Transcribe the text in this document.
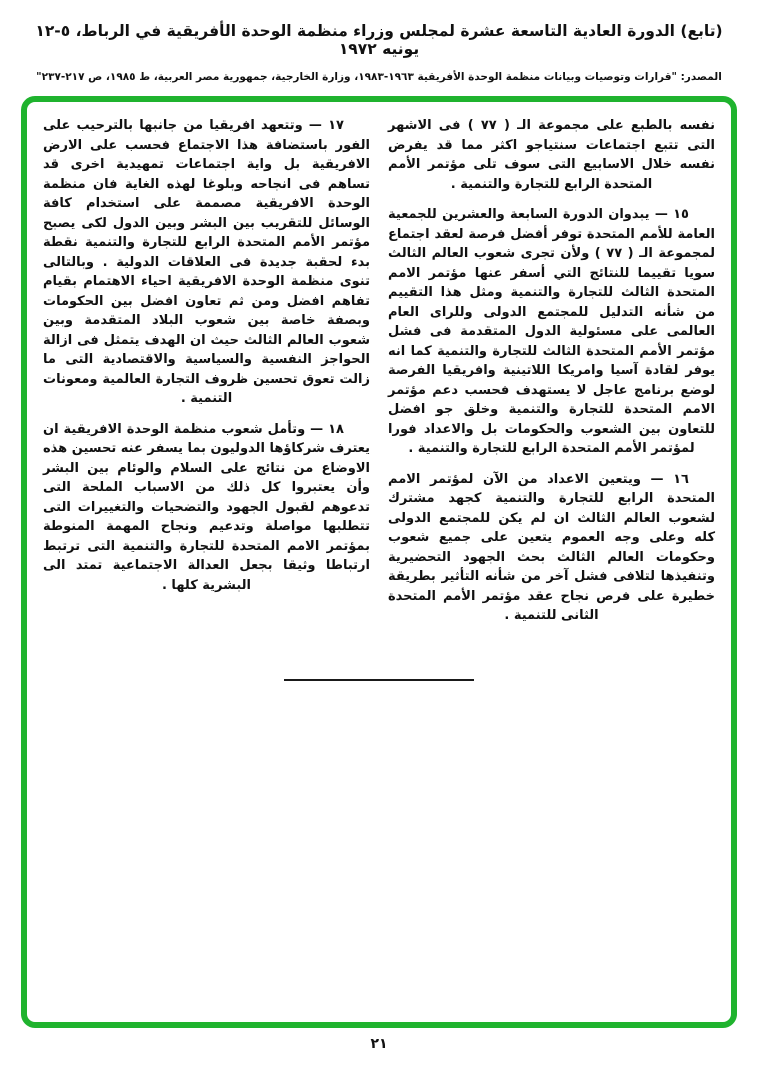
(تابع) الدورة العادية التاسعة عشرة لمجلس وزراء منظمة الوحدة الأفريقية في الرباط، ٥-١٢ يونيه ١٩٧٢
المصدر: "قرارات وتوصيات وبيانات منظمة الوحدة الأفريقية ١٩٦٣-١٩٨٣، وزارة الخارجية، جمهورية مصر العربية، ط ١٩٨٥، ص ٢١٧-٢٣٧"

نفسه بالطبع على مجموعة الـ ( ٧٧ ) فى الاشهر التى تتبع اجتماعات سنتياجو اكثر مما قد يفرض نفسه خلال الاسابيع التى سوف تلى مؤتمر الأمم المتحدة الرابع للتجارة والتنمية .

١٥ — يبدوان الدورة السابعة والعشرين للجمعية العامة للأمم المتحدة توفر أفضل فرصة لعقد اجتماع لمجموعة الـ ( ٧٧ ) ولأن تجرى شعوب العالم الثالث سويا تقييما للنتائج التي أسفر عنها مؤتمر الامم المتحدة الثالث للتجارة والتنمية ومثل هذا التقييم من شأنه التدليل للمجتمع الدولى وللراى العام العالمى على مسئولية الدول المتقدمة فى فشل مؤتمر الأمم المتحدة الثالث للتجارة والتنمية كما انه يوفر لقادة آسيا وامريكا اللاتينية وافريقيا الفرصة لوضع برنامج عاجل لا يستهدف فحسب دعم مؤتمر الامم المتحدة للتجارة والتنمية وخلق جو افضل للتعاون بين الشعوب والحكومات بل والاعداد فورا لمؤتمر الأمم المتحدة الرابع للتجارة والتنمية .

١٦ — ويتعين الاعداد من الآن لمؤتمر الامم المتحدة الرابع للتجارة والتنمية كجهد مشترك لشعوب العالم الثالث ان لم يكن للمجتمع الدولى كله وعلى وجه العموم يتعين على جميع شعوب وحكومات العالم الثالث بحث الجهود التحضيرية وتنفيذها لتلافى فشل آخر من شأنه التأثير بطريقة خطيرة على فرص نجاح عقد مؤتمر الأمم المتحدة الثانى للتنمية .

١٧ — وتتعهد افريقيا من جانبها بالترحيب على الفور باستضافة هذا الاجتماع فحسب على الارض الافريقية بل واية اجتماعات تمهيدية اخرى قد تساهم فى انجاحه وبلوغا لهذه الغاية فان منظمة الوحدة الافريقية مصممة على استخدام كافة الوسائل للتقريب بين البشر وبين الدول لكى يصبح مؤتمر الأمم المتحدة الرابع للتجارة والتنمية نقطة بدء لحقبة جديدة فى العلاقات الدولية . وبالتالى تنوى منظمة الوحدة الافريقية احياء الاهتمام بقيام تفاهم افضل ومن ثم تعاون افضل بين الحكومات وبصفة خاصة بين شعوب البلاد المتقدمة وبين شعوب العالم الثالث حيث ان الهدف يتمثل فى ازالة الحواجز النفسية والسياسية والاقتصادية التى ما زالت تعوق تحسين ظروف التجارة العالمية ومعونات التنمية .

١٨ — وتأمل شعوب منظمة الوحدة الافريقية ان يعترف شركاؤها الدوليون بما يسفر عنه تحسين هذه الاوضاع من نتائج على السلام والوئام بين البشر وأن يعتبروا كل ذلك من الاسباب الملحة التى تدعوهم لقبول الجهود والتضحيات والتغييرات التى تتطلبها مواصلة وتدعيم ونجاح المهمة المنوطة بمؤتمر الامم المتحدة للتجارة والتنمية التى ترتبط ارتباطا وثيقا بجعل العدالة الاجتماعية تمتد الى البشرية كلها .

٢١
